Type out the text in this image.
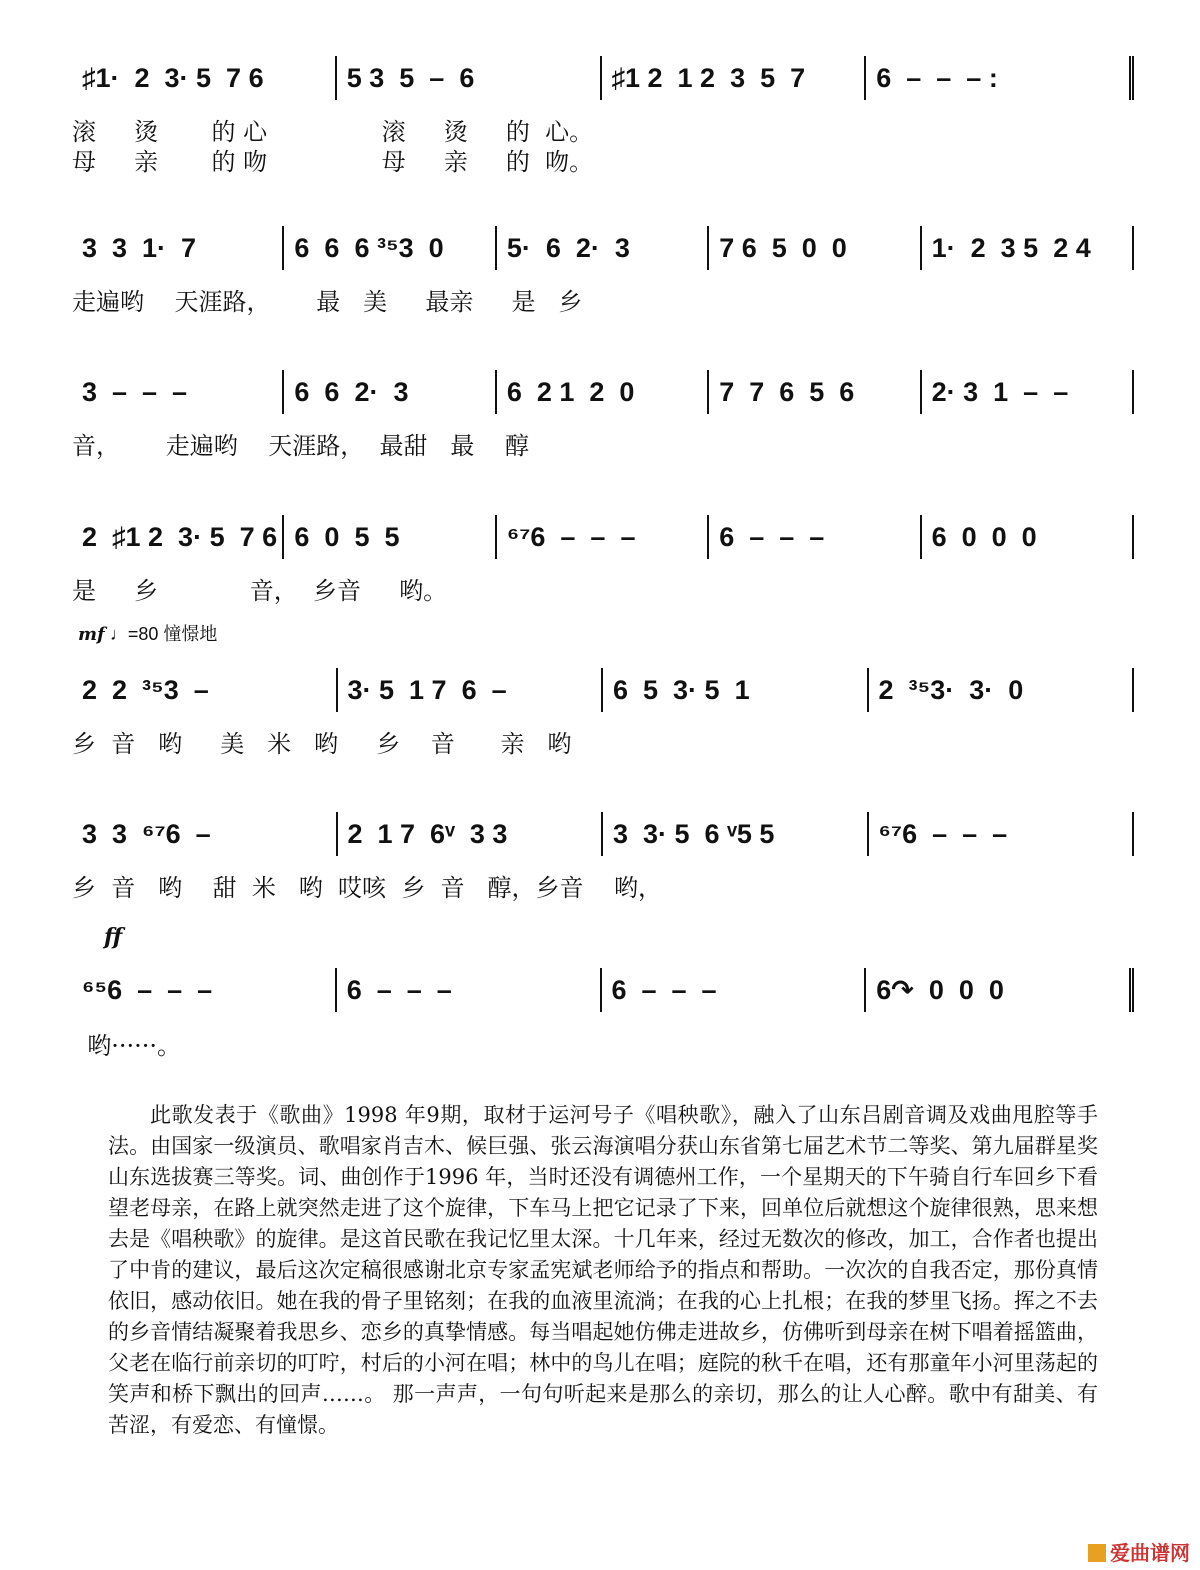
♯1·  2  3· 5  7 6	5 3  5  –  6	♯1 2  1 2  3  5  7	6  –  –  – :
滚     烫       的 心               滚     烫     的  心。
母     亲       的 吻               母     亲     的  吻。
3  3  1·  7	6  6  6 ³⁵3  0	5·  6  2·  3	7 6  5  0  0	1·  2  3 5  2 4
走遍哟    天涯路，      最   美     最亲     是   乡
3  –  –  –	6  6  2·  3	6  2 1  2  0	7  7  6  5  6	2· 3  1  –  –
音，      走遍哟    天涯路，  最甜   最    醇
2  ♯1 2  3· 5  7 6 6  0  5  5	⁶⁷6  –  –  –	6  –  –  –	6  0  0  0
是     乡            音，  乡音     哟。
2  2  ³⁵3  –	3· 5  1 7  6  –	6  5  3· 5  1	2  ³⁵3·  3·  0
乡  音   哟     美   米   哟     乡    音      亲   哟
3  3  ⁶⁷6  –	2  1 7  6ᵛ  3 3	3  3· 5  6 ᵛ5 5	⁶⁷6  –  –  –
乡  音   哟    甜  米   哟  哎咳  乡  音   醇，乡音    哟，
⁶⁵6  –  –  –	6  –  –  –	6  –  –  –	6↷  0  0  0
哟······。
mf ♩=80 憧憬地
ff
此歌发表于《歌曲》1998 年9期，取材于运河号子《唱秧歌》，融入了山东吕剧音调及戏曲甩腔等手法。由国家一级演员、歌唱家肖吉木、候巨强、张云海演唱分获山东省第七届艺术节二等奖、第九届群星奖山东选拔赛三等奖。词、曲创作于1996 年，当时还没有调德州工作，一个星期天的下午骑自行车回乡下看望老母亲，在路上就突然走进了这个旋律，下车马上把它记录了下来，回单位后就想这个旋律很熟，思来想去是《唱秧歌》的旋律。是这首民歌在我记忆里太深。十几年来，经过无数次的修改，加工，合作者也提出了中肯的建议，最后这次定稿很感谢北京专家孟宪斌老师给予的指点和帮助。一次次的自我否定，那份真情依旧，感动依旧。她在我的骨子里铭刻；在我的血液里流淌；在我的心上扎根；在我的梦里飞扬。挥之不去的乡音情结凝聚着我思乡、恋乡的真挚情感。每当唱起她仿佛走进故乡，仿佛听到母亲在树下唱着摇篮曲，父老在临行前亲切的叮咛，村后的小河在唱；林中的鸟儿在唱；庭院的秋千在唱，还有那童年小河里荡起的笑声和桥下飘出的回声……。 那一声声，一句句听起来是那么的亲切，那么的让人心醉。歌中有甜美、有苦涩，有爱恋、有憧憬。
爱曲谱网
